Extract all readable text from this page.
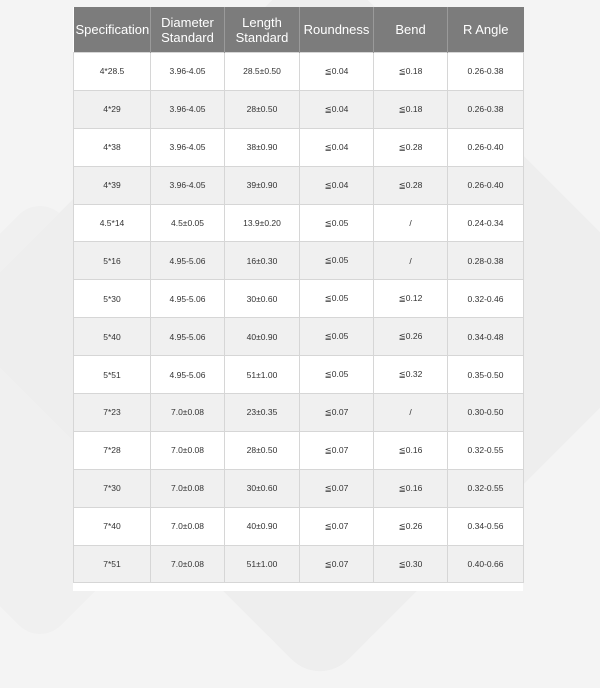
Specification	Diameter Standard	Length Standard	Roundness	Bend	R Angle
4*28.5	3.96-4.05	28.5±0.50	≦0.04	≦0.18	0.26-0.38
4*29	3.96-4.05	28±0.50	≦0.04	≦0.18	0.26-0.38
4*38	3.96-4.05	38±0.90	≦0.04	≦0.28	0.26-0.40
4*39	3.96-4.05	39±0.90	≦0.04	≦0.28	0.26-0.40
4.5*14	4.5±0.05	13.9±0.20	≦0.05	/	0.24-0.34
5*16	4.95-5.06	16±0.30	≦0.05	/	0.28-0.38
5*30	4.95-5.06	30±0.60	≦0.05	≦0.12	0.32-0.46
5*40	4.95-5.06	40±0.90	≦0.05	≦0.26	0.34-0.48
5*51	4.95-5.06	51±1.00	≦0.05	≦0.32	0.35-0.50
7*23	7.0±0.08	23±0.35	≦0.07	/	0.30-0.50
7*28	7.0±0.08	28±0.50	≦0.07	≦0.16	0.32-0.55
7*30	7.0±0.08	30±0.60	≦0.07	≦0.16	0.32-0.55
7*40	7.0±0.08	40±0.90	≦0.07	≦0.26	0.34-0.56
7*51	7.0±0.08	51±1.00	≦0.07	≦0.30	0.40-0.66
